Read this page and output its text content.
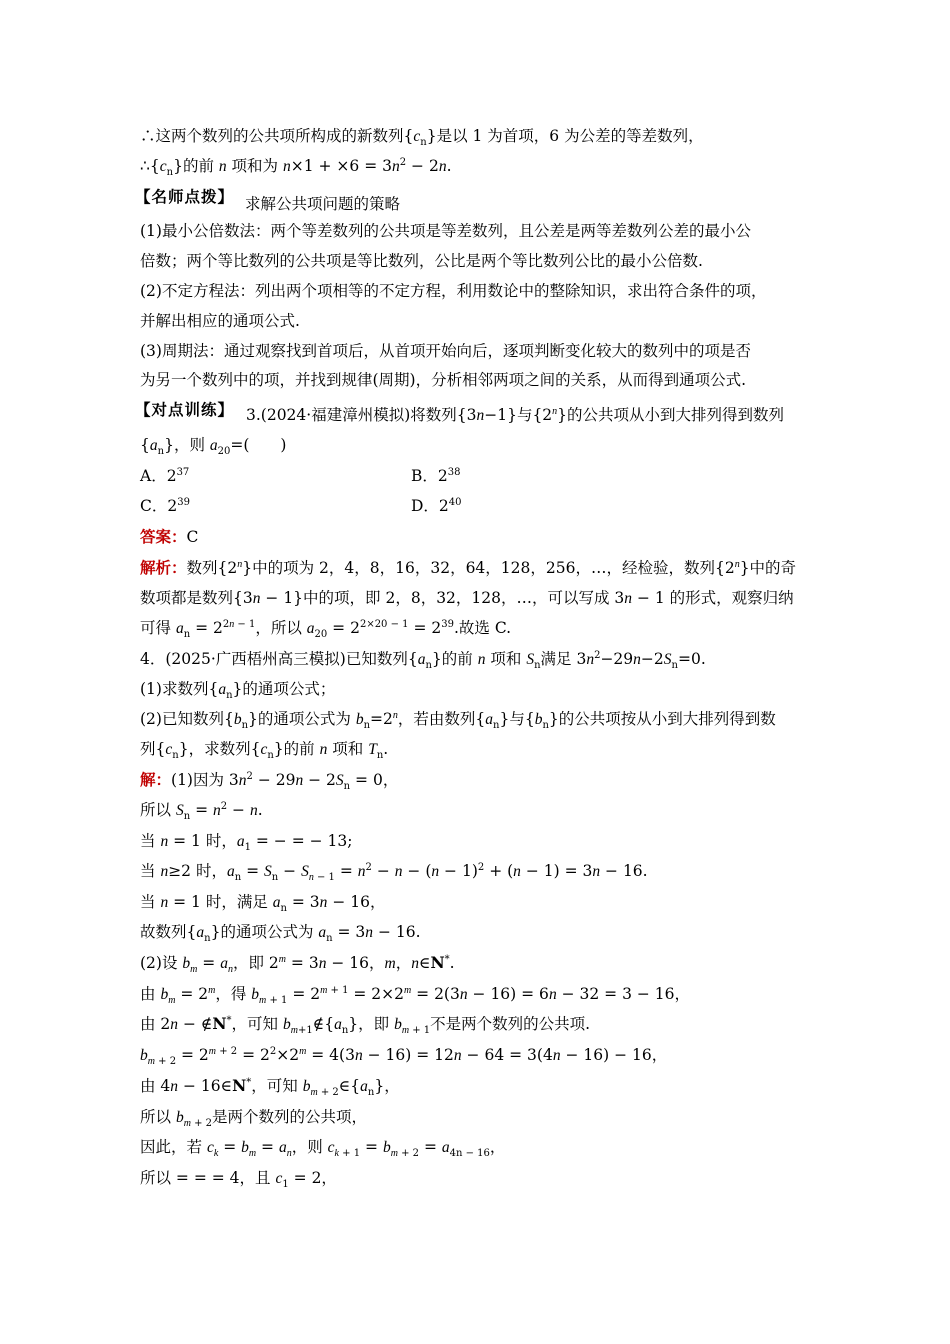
∴这两个数列的公共项所构成的新数列$\{c_n\}$是以 1 为首项，6 为公差的等差数列，
$\therefore\{c_n\}$的前 n 项和为 $n\times 1 + \times 6 = 3n^2 - 2n$.
【名师点拨】 求解公共项问题的策略
(1)最小公倍数法：两个等差数列的公共项是等差数列，且公差是两等差数列公差的最小公
倍数；两个等比数列的公共项是等比数列，公比是两个等比数列公比的最小公倍数.
(2)不定方程法：列出两个项相等的不定方程，利用数论中的整除知识，求出符合条件的项，
并解出相应的通项公式.
(3)周期法：通过观察找到首项后，从首项开始向后，逐项判断变化较大的数列中的项是否
为另一个数列中的项，并找到规律(周期)，分析相邻两项之间的关系，从而得到通项公式.
【对点训练】 3.(2024·福建漳州模拟)将数列{3n−1}与{2$^n$}的公共项从小到大排列得到数列
$\{a_n\}$，则 $a_{20}=$(　　)
A．$2^{37}$	B．$2^{38}$
C．$2^{39}$	D．$2^{40}$
答案：C
解析：数列{2$^n$}中的项为 2，4，8，16，32，64，128，256，…，经检验，数列{2$^n$}中的奇
数项都是数列{3n − 1}中的项，即 2，8，32，128，…，可以写成 3n − 1 的形式，观察归纳
可得 $a_n = 2^{2n - 1}$，所以 $a_{20} = 2^{2\times 20 - 1} = 2^{39}$.故选 C.
4．(2025·广西梧州高三模拟)已知数列$\{a_n\}$的前 n 项和 $S_n$满足 $3n^2-29n-2S_n=0$.
(1)求数列$\{a_n\}$的通项公式；
(2)已知数列$\{b_n\}$的通项公式为 $b_n=2^n$，若由数列$\{a_n\}$与$\{b_n\}$的公共项按从小到大排列得到数
列$\{c_n\}$，求数列$\{c_n\}$的前 n 项和 $T_n$.
解：(1)因为 $3n^2 - 29n - 2S_n = 0$，
所以 $S_n = n^2 - n$.
当 n = 1 时，$a_1$ = − = − 13;
当 n≥2 时，$a_n = S_n - S_{n - 1} = n^2 - n - (n - 1)^2 + (n - 1) = 3n - 16$.
当 n = 1 时，满足 $a_n = 3n - 16$，
故数列$\{a_n\}$的通项公式为 $a_n = 3n - 16$.
(2)设 $b_m = a_n$，即 $2^m = 3n - 16$，m，n∈N*.
由 $b_m = 2^m$，得 $b_{m + 1} = 2^{m + 1} = 2\times 2^m = 2(3n - 16) = 6n - 32 = 3 - 16$，
由 2n − ∉N*，可知 $b_{m+1}\notin\{a_n\}$，即 $b_{m + 1}$不是两个数列的公共项.
$b_{m + 2} = 2^{m + 2} = 2^2\times 2^m = 4(3n - 16) = 12n - 64 = 3(4n - 16) - 16$，
由 4n − 16∈N*，可知 $b_{m + 2}\in\{a_n\}$，
所以 $b_{m + 2}$是两个数列的公共项，
因此，若 $c_k = b_m = a_n$，则 $c_{k + 1} = b_{m + 2} = a_{4n - 16}$，
所以 = = = 4，且 $c_1 = 2$，
